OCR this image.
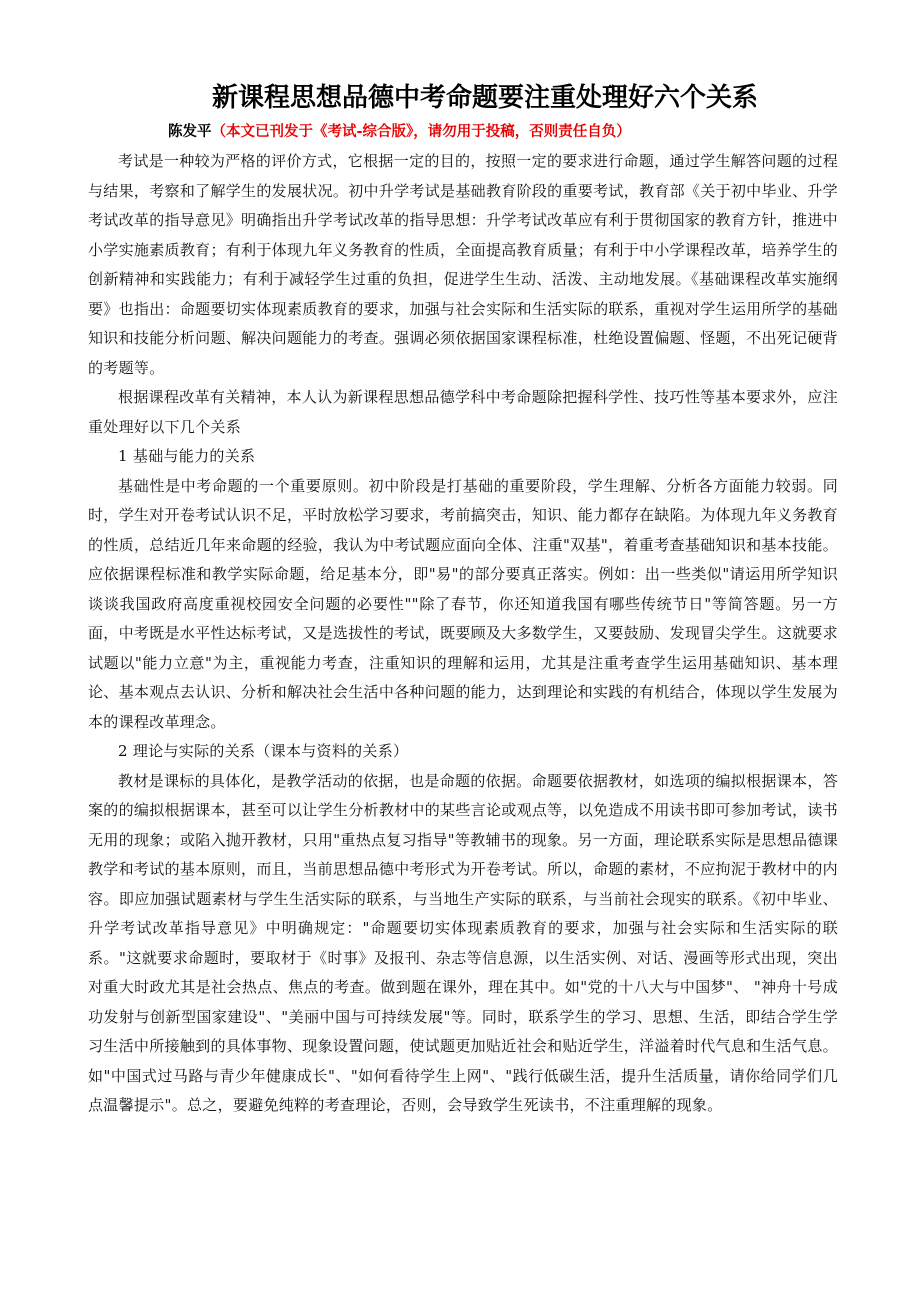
新课程思想品德中考命题要注重处理好六个关系
陈发平（本文已刊发于《考试-综合版》，请勿用于投稿，否则责任自负）

考试是一种较为严格的评价方式，它根据一定的目的，按照一定的要求进行命题，通过学生解答问题的过程与结果，考察和了解学生的发展状况。初中升学考试是基础教育阶段的重要考试，教育部《关于初中毕业、升学考试改革的指导意见》明确指出升学考试改革的指导思想：升学考试改革应有利于贯彻国家的教育方针，推进中小学实施素质教育；有利于体现九年义务教育的性质，全面提高教育质量；有利于中小学课程改革，培养学生的创新精神和实践能力；有利于减轻学生过重的负担，促进学生生动、活泼、主动地发展。《基础课程改革实施纲要》也指出：命题要切实体现素质教育的要求，加强与社会实际和生活实际的联系，重视对学生运用所学的基础知识和技能分析问题、解决问题能力的考查。强调必须依据国家课程标准，杜绝设置偏题、怪题，不出死记硬背的考题等。

根据课程改革有关精神，本人认为新课程思想品德学科中考命题除把握科学性、技巧性等基本要求外，应注重处理好以下几个关系

1 基础与能力的关系

基础性是中考命题的一个重要原则。初中阶段是打基础的重要阶段，学生理解、分析各方面能力较弱。同时，学生对开卷考试认识不足，平时放松学习要求，考前搞突击，知识、能力都存在缺陷。为体现九年义务教育的性质，总结近几年来命题的经验，我认为中考试题应面向全体、注重"双基"，着重考查基础知识和基本技能。应依据课程标准和教学实际命题，给足基本分，即"易"的部分要真正落实。例如：出一些类似"请运用所学知识谈谈我国政府高度重视校园安全问题的必要性""除了春节，你还知道我国有哪些传统节日"等简答题。另一方面，中考既是水平性达标考试，又是选拔性的考试，既要顾及大多数学生，又要鼓励、发现冒尖学生。这就要求试题以"能力立意"为主，重视能力考查，注重知识的理解和运用，尤其是注重考查学生运用基础知识、基本理论、基本观点去认识、分析和解决社会生活中各种问题的能力，达到理论和实践的有机结合，体现以学生发展为本的课程改革理念。

2 理论与实际的关系（课本与资料的关系）

教材是课标的具体化，是教学活动的依据，也是命题的依据。命题要依据教材，如选项的编拟根据课本，答案的的编拟根据课本，甚至可以让学生分析教材中的某些言论或观点等，以免造成不用读书即可参加考试，读书无用的现象；或陷入抛开教材，只用"重热点复习指导"等教辅书的现象。另一方面，理论联系实际是思想品德课教学和考试的基本原则，而且，当前思想品德中考形式为开卷考试。所以，命题的素材，不应拘泥于教材中的内容。即应加强试题素材与学生生活实际的联系，与当地生产实际的联系，与当前社会现实的联系。《初中毕业、升学考试改革指导意见》中明确规定："命题要切实体现素质教育的要求，加强与社会实际和生活实际的联系。"这就要求命题时，要取材于《时事》及报刊、杂志等信息源，以生活实例、对话、漫画等形式出现，突出对重大时政尤其是社会热点、焦点的考查。做到题在课外，理在其中。如"党的十八大与中国梦"、 "神舟十号成功发射与创新型国家建设"、"美丽中国与可持续发展"等。同时，联系学生的学习、思想、生活，即结合学生学习生活中所接触到的具体事物、现象设置问题，使试题更加贴近社会和贴近学生，洋溢着时代气息和生活气息。如"中国式过马路与青少年健康成长"、"如何看待学生上网"、"践行低碳生活，提升生活质量，请你给同学们几点温馨提示"。总之，要避免纯粹的考查理论，否则，会导致学生死读书，不注重理解的现象。
